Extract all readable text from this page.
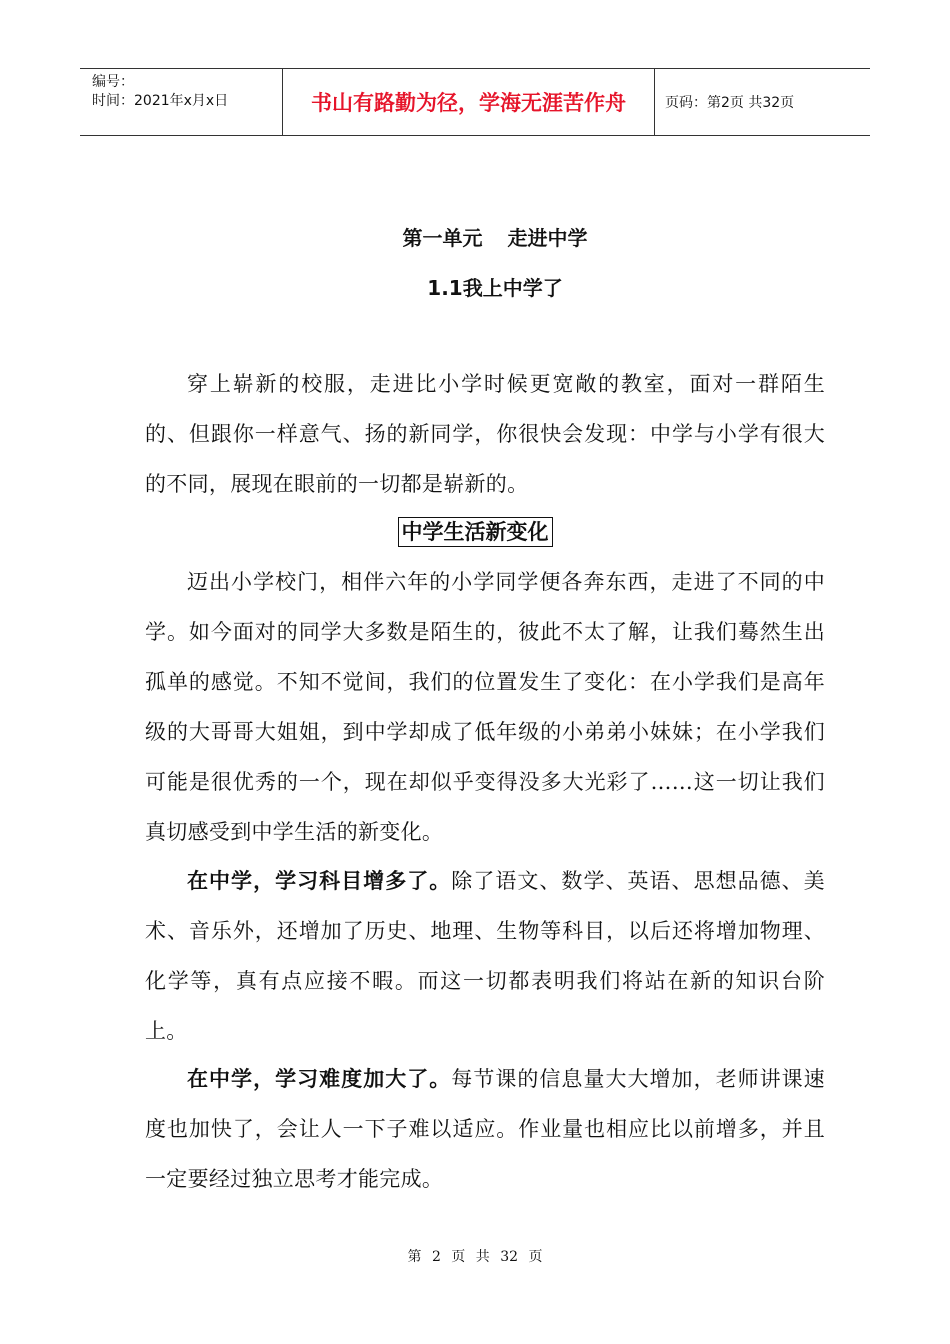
编号：
时间：2021年x月x日	书山有路勤为径，学海无涯苦作舟	页码：第2页 共32页
第一单元 走进中学
1.1我上中学了

穿上崭新的校服，走进比小学时候更宽敞的教室，面对一群陌生的、但跟你一样意气、扬的新同学，你很快会发现：中学与小学有很大的不同，展现在眼前的一切都是崭新的。

中学生活新变化

迈出小学校门，相伴六年的小学同学便各奔东西，走进了不同的中学。如今面对的同学大多数是陌生的，彼此不太了解，让我们蓦然生出孤单的感觉。不知不觉间，我们的位置发生了变化：在小学我们是高年级的大哥哥大姐姐，到中学却成了低年级的小弟弟小妹妹；在小学我们可能是很优秀的一个，现在却似乎变得没多大光彩了……这一切让我们真切感受到中学生活的新变化。

在中学，学习科目增多了。除了语文、数学、英语、思想品德、美术、音乐外，还增加了历史、地理、生物等科目，以后还将增加物理、化学等，真有点应接不暇。而这一切都表明我们将站在新的知识台阶上。

在中学，学习难度加大了。每节课的信息量大大增加，老师讲课速度也加快了，会让人一下子难以适应。作业量也相应比以前增多，并且一定要经过独立思考才能完成。

第 2 页 共 32 页
